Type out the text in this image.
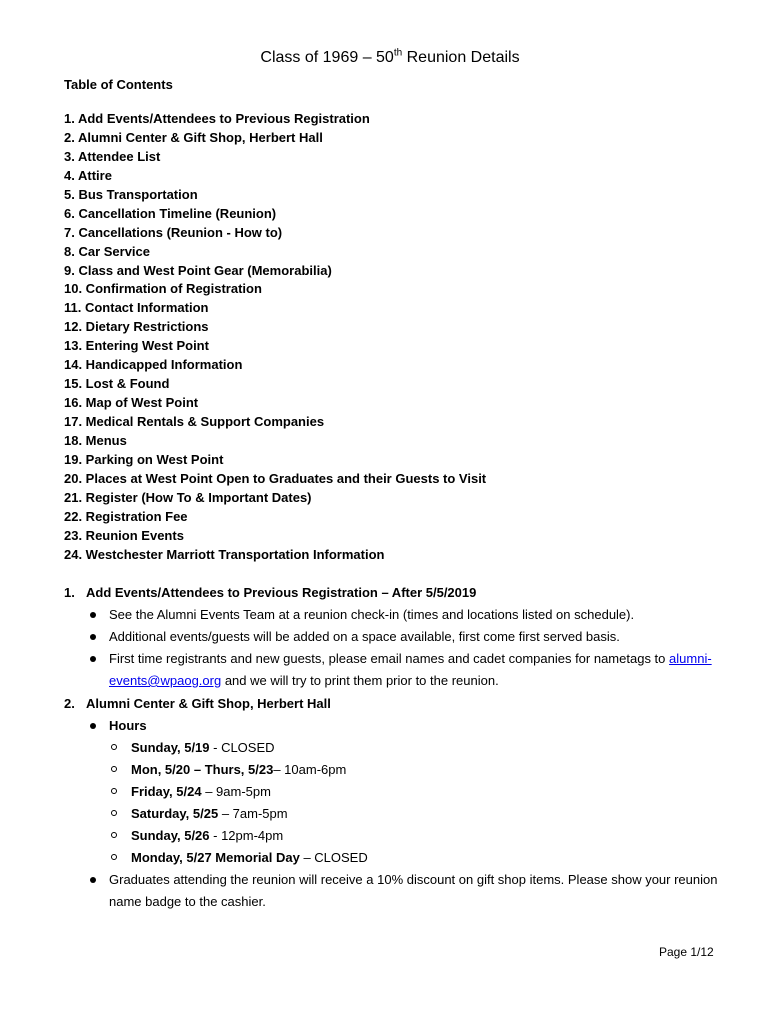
Class of 1969 – 50th Reunion Details
Table of Contents
1. Add Events/Attendees to Previous Registration
2. Alumni Center & Gift Shop, Herbert Hall
3. Attendee List
4. Attire
5. Bus Transportation
6. Cancellation Timeline (Reunion)
7. Cancellations (Reunion - How to)
8. Car Service
9. Class and West Point Gear (Memorabilia)
10. Confirmation of Registration
11. Contact Information
12. Dietary Restrictions
13. Entering West Point
14. Handicapped Information
15. Lost & Found
16. Map of West Point
17. Medical Rentals & Support Companies
18. Menus
19. Parking on West Point
20. Places at West Point Open to Graduates and their Guests to Visit
21. Register (How To & Important Dates)
22. Registration Fee
23. Reunion Events
24. Westchester Marriott Transportation Information
1. Add Events/Attendees to Previous Registration – After 5/5/2019
See the Alumni Events Team at a reunion check-in (times and locations listed on schedule).
Additional events/guests will be added on a space available, first come first served basis.
First time registrants and new guests, please email names and cadet companies for nametags to alumni-events@wpaog.org and we will try to print them prior to the reunion.
2. Alumni Center & Gift Shop, Herbert Hall
Hours
Sunday, 5/19 - CLOSED
Mon, 5/20 – Thurs, 5/23– 10am-6pm
Friday, 5/24 – 9am-5pm
Saturday, 5/25 – 7am-5pm
Sunday, 5/26 - 12pm-4pm
Monday, 5/27 Memorial Day – CLOSED
Graduates attending the reunion will receive a 10% discount on gift shop items. Please show your reunion name badge to the cashier.
Page 1/12
